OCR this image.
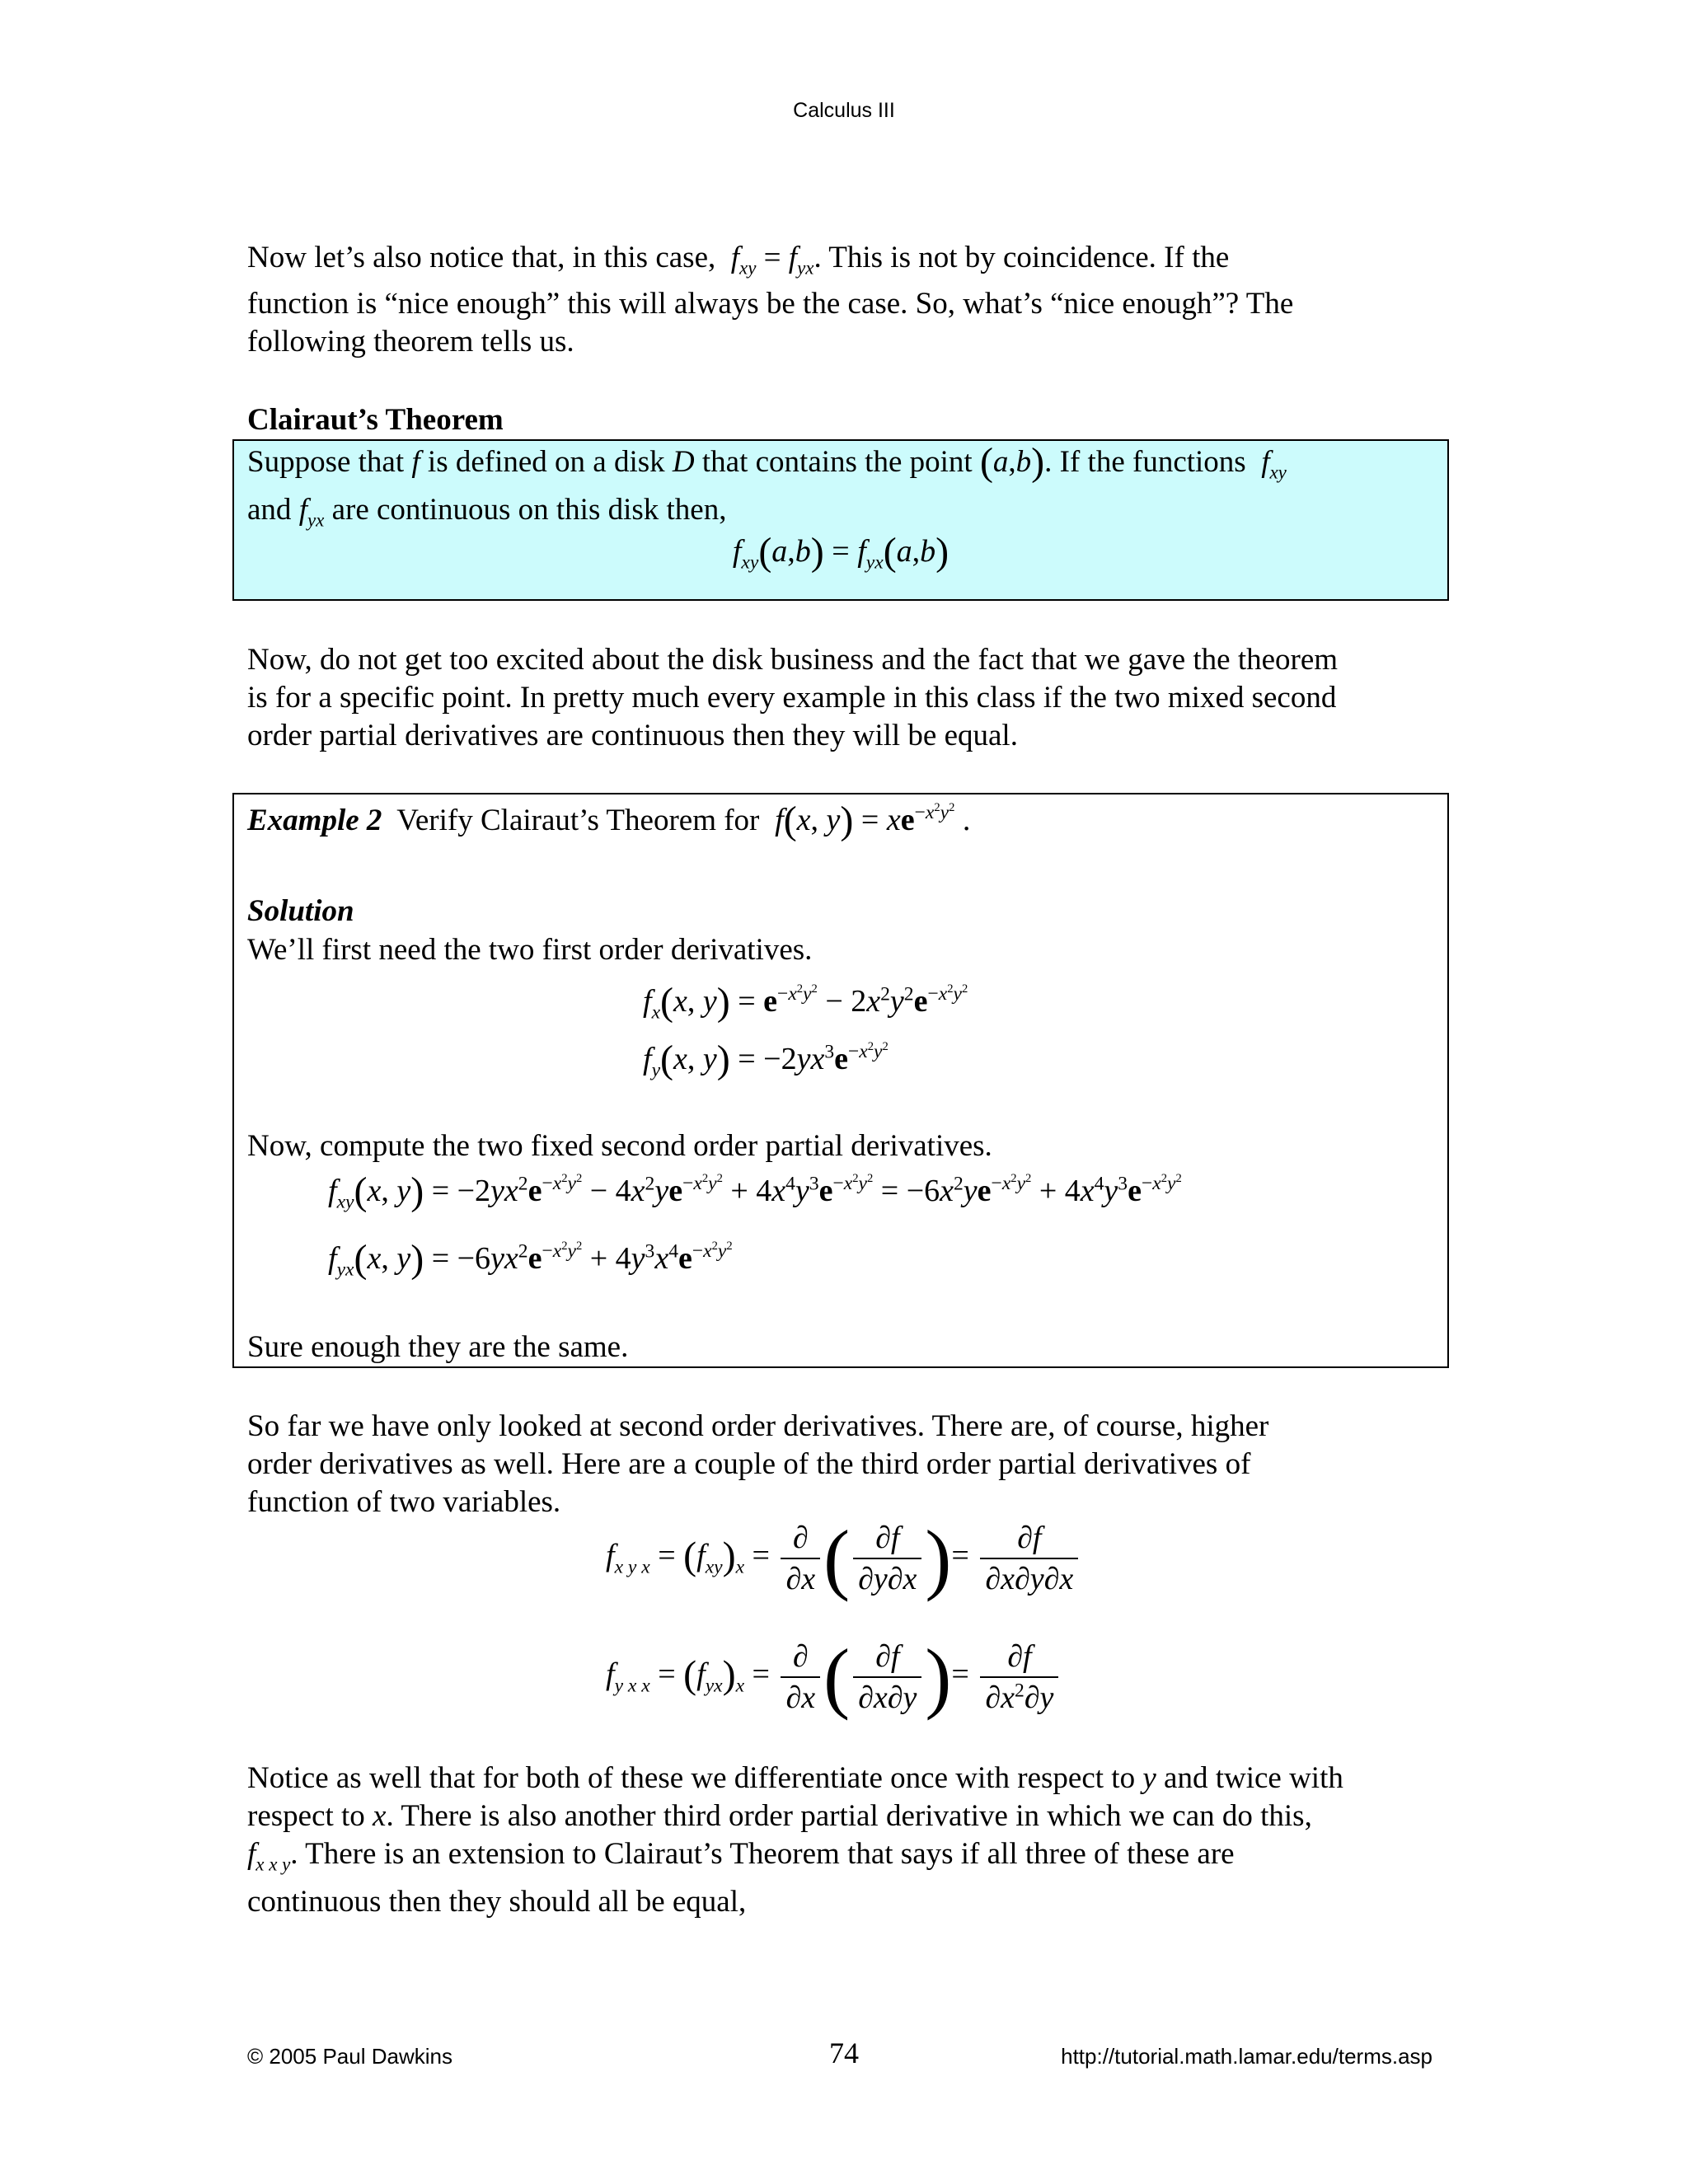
Calculus III
Now let’s also notice that, in this case, $f_{xy} = f_{yx}$. This is not by coincidence. If the
function is “nice enough” this will always be the case. So, what’s “nice enough”? The
following theorem tells us.
Clairaut’s Theorem
Suppose that f is defined on a disk D that contains the point (a,b). If the functions  $f_{xy}$
and $f_{yx}$ are continuous on this disk then,
$f_{xy}(a,b) = f_{yx}(a,b)$
Now, do not get too excited about the disk business and the fact that we gave the theorem
is for a specific point. In pretty much every example in this class if the two mixed second
order partial derivatives are continuous then they will be equal.
Example 2 Verify Clairaut’s Theorem for f(x, $y) = xe^{-x^2y^2}$ .
Solution
We’ll first need the two first order derivatives.
$f_x(x$, $y) = e^{-x^2y^2} - 2x^2y^2e^{-x^2y^2}$
$f_y(x$, $y) = -2yx^3e^{-x^2y^2}$
Now, compute the two fixed second order partial derivatives.
$f_{xy}(x$, $y) = -2yx^2e^{-x^2y^2} - 4x^2ye^{-x^2y^2} + 4x^4y^3e^{-x^2y^2} = -6x^2ye^{-x^2y^2} + 4x^4y^3e^{-x^2y^2}$
$f_{yx}(x$, $y) = -6yx^2e^{-x^2y^2} + 4y^3x^4e^{-x^2y^2}$
Sure enough they are the same.
So far we have only looked at second order derivatives. There are, of course, higher
order derivatives as well. Here are a couple of the third order partial derivatives of
function of two variables.
$f_{x y x} = (f_{xy})_x = \frac{\partial}{\partial x}$ ( $\frac{\partial f}{\partial y\partial x}$ )= $\frac{\partial f}{\partial x\partial y\partial x}$
$f_{y x x} = (f_{yx})_x = \frac{\partial}{\partial x}$ ( $\frac{\partial f}{\partial x\partial y}$ )= $\frac{\partial f}{\partial x^2\partial y}$
Notice as well that for both of these we differentiate once with respect to y and twice with
respect to x. There is also another third order partial derivative in which we can do this,
$f_{x x y}$. There is an extension to Clairaut’s Theorem that says if all three of these are
continuous then they should all be equal,
© 2005 Paul Dawkins	74	http://tutorial.math.lamar.edu/terms.asp
